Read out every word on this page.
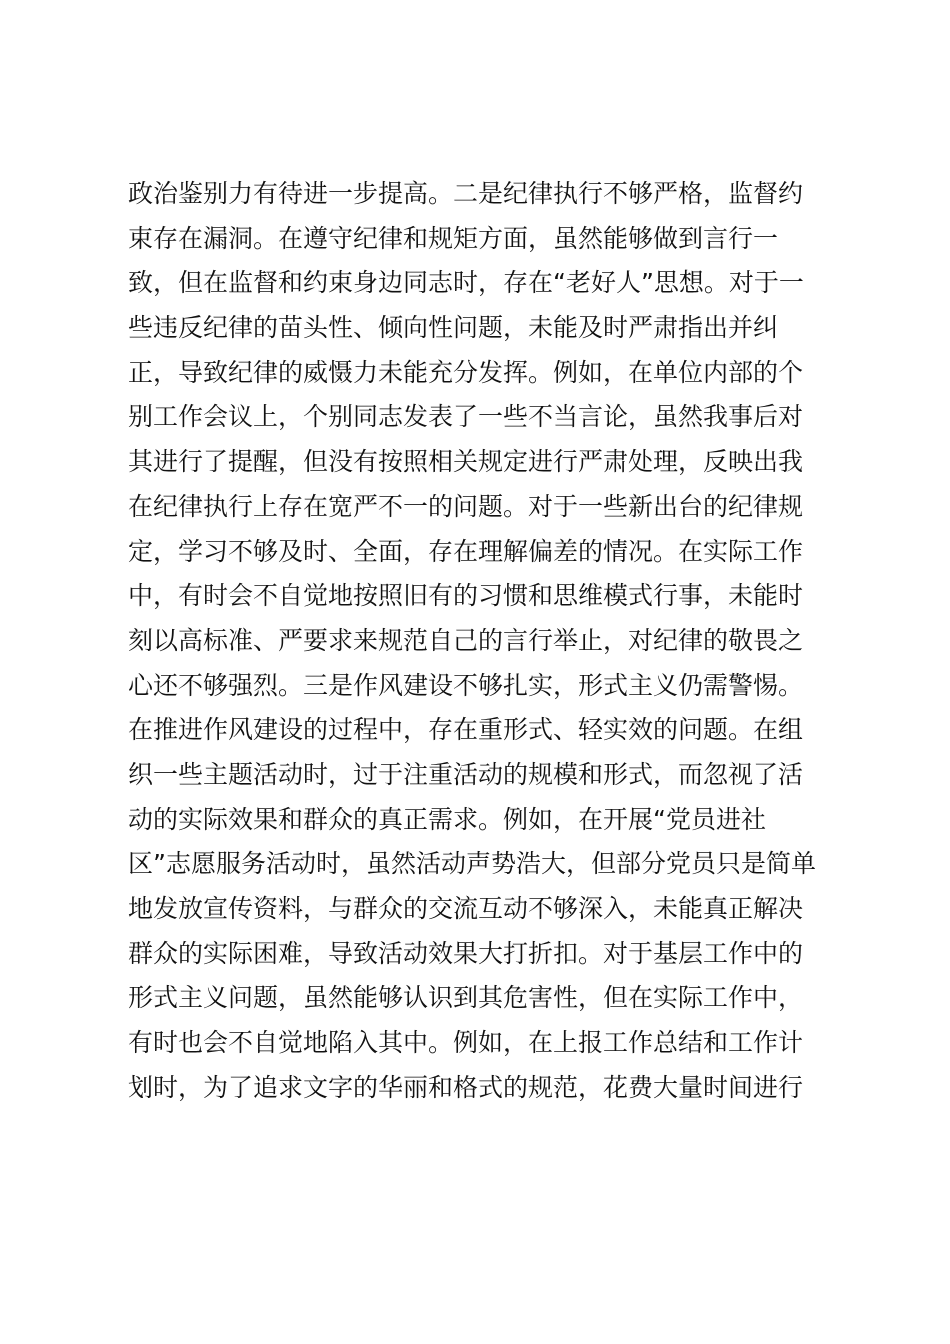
政治鉴别力有待进一步提高。二是纪律执行不够严格，监督约
束存在漏洞。在遵守纪律和规矩方面，虽然能够做到言行一
致，但在监督和约束身边同志时，存在“老好人”思想。对于一
些违反纪律的苗头性、倾向性问题，未能及时严肃指出并纠
正，导致纪律的威慑力未能充分发挥。例如，在单位内部的个
别工作会议上，个别同志发表了一些不当言论，虽然我事后对
其进行了提醒，但没有按照相关规定进行严肃处理，反映出我
在纪律执行上存在宽严不一的问题。对于一些新出台的纪律规
定，学习不够及时、全面，存在理解偏差的情况。在实际工作
中，有时会不自觉地按照旧有的习惯和思维模式行事，未能时
刻以高标准、严要求来规范自己的言行举止，对纪律的敬畏之
心还不够强烈。三是作风建设不够扎实，形式主义仍需警惕。
在推进作风建设的过程中，存在重形式、轻实效的问题。在组
织一些主题活动时，过于注重活动的规模和形式，而忽视了活
动的实际效果和群众的真正需求。例如，在开展“党员进社
区”志愿服务活动时，虽然活动声势浩大，但部分党员只是简单
地发放宣传资料，与群众的交流互动不够深入，未能真正解决
群众的实际困难，导致活动效果大打折扣。对于基层工作中的
形式主义问题，虽然能够认识到其危害性，但在实际工作中，
有时也会不自觉地陷入其中。例如，在上报工作总结和工作计
划时，为了追求文字的华丽和格式的规范，花费大量时间进行
